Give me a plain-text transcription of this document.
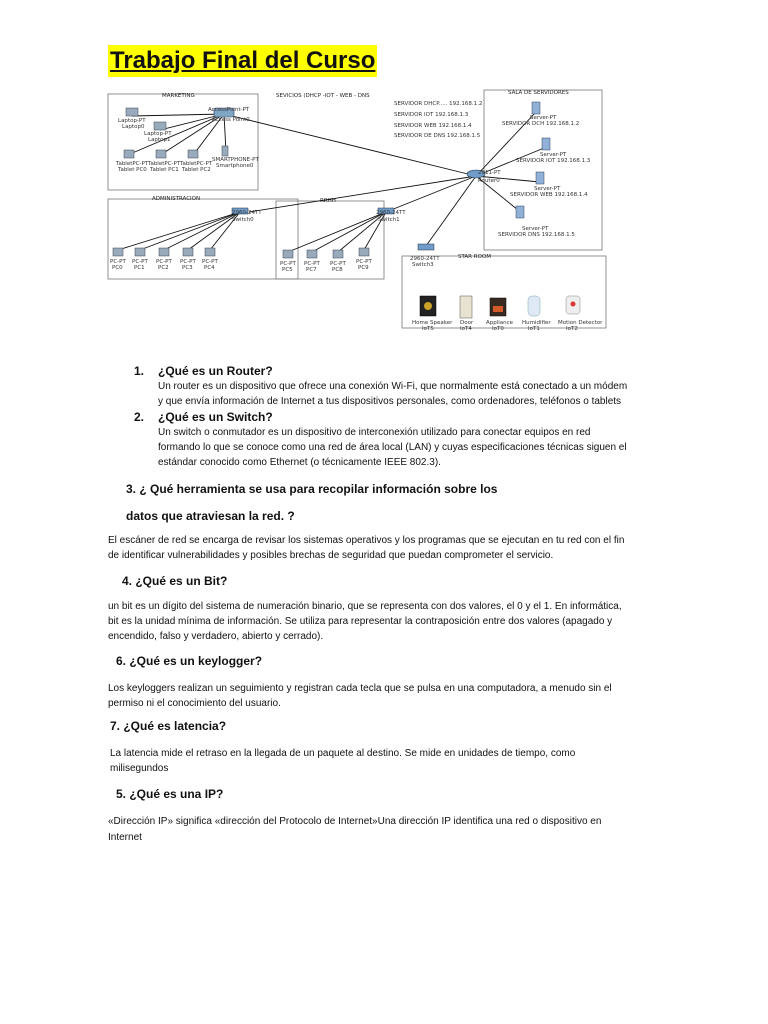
Trabajo Final del Curso
MARKETING	SEVICIOS (DHCP -IOT - WEB - DNS	SALA DE SERVIDORES
ADMINISTRACION	RRHH
STAR ROOM
SERVIDOR DHCP..... 192.168.1.2
SERVIDOR IOT 192.168.1.3
SERVIDOR WEB 192.168.1.4
SERVIDOR DE DNS 192.168.1.5
AccessPoint-PT
Access Point0
2911-PT
Router0
Server-PT
SERVIDOR DCH 192.168.1.2
Server-PT
SERVIDOR IOT 192.168.1.3
Server-PT
SERVIDOR WEB 192.168.1.4
Server-PT
SERVIDOR DNS 192.168.1.5
Laptop-PT
Laptop0
Laptop-PT
Laptop1
TabletPC-PT
Tablet PC0
TabletPC-PT
Tablet PC1
TabletPC-PT
Tablet PC2
SMARTPHONE-PT
Smartphone0
2960-24TT
Switch0
2960-24TT
Switch1
2960-24TT
Switch3
PC-PT
PC0
PC-PT
PC1
PC-PT
PC2
PC-PT
PC3
PC-PT
PC4
PC-PT
PC5
PC-PT
PC7
PC-PT
PC8
PC-PT
PC9
Home Speaker
IoT5
Door
IoT4
Appliance
IoT0
Humidifier
IoT1
Motion Detector
IoT2
1. ¿Qué es un Router?
Un router es un dispositivo que ofrece una conexión Wi-Fi, que normalmente está conectado a un módem
y que envía información de Internet a tus dispositivos personales, como ordenadores, teléfonos o tablets
2. ¿Qué es un Switch?
Un switch o conmutador es un dispositivo de interconexión utilizado para conectar equipos en red
formando lo que se conoce como una red de área local (LAN) y cuyas especificaciones técnicas siguen el
estándar conocido como Ethernet (o técnicamente IEEE 802.3).
3. ¿ Qué herramienta se usa para recopilar información sobre los
datos que atraviesan la red. ?
El escáner de red se encarga de revisar los sistemas operativos y los programas que se ejecutan en tu red con el fin
de identificar vulnerabilidades y posibles brechas de seguridad que puedan comprometer el servicio.
4. ¿Qué es un Bit?
un bit es un dígito del sistema de numeración binario, que se representa con dos valores, el 0 y el 1. En informática,
bit es la unidad mínima de información. Se utiliza para representar la contraposición entre dos valores (apagado y
encendido, falso y verdadero, abierto y cerrado).
6. ¿Qué es un keylogger?
Los keyloggers realizan un seguimiento y registran cada tecla que se pulsa en una computadora, a menudo sin el
permiso ni el conocimiento del usuario.
7. ¿Qué es latencia?
La latencia mide el retraso en la llegada de un paquete al destino. Se mide en unidades de tiempo, como
milisegundos
5. ¿Qué es una IP?
«Dirección IP» significa «dirección del Protocolo de Internet»Una dirección IP identifica una red o dispositivo en
Internet
